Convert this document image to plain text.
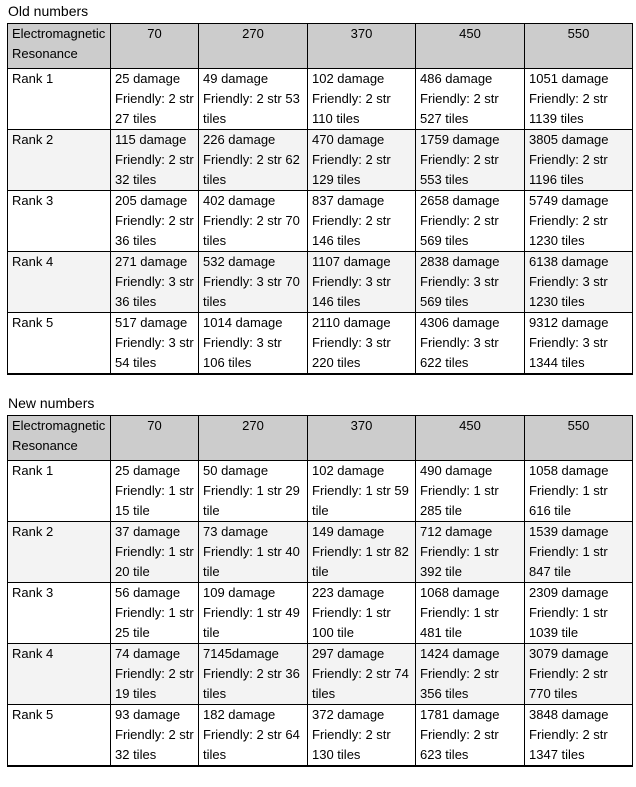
Old numbers
Electromagnetic Resonance	70	270	370	450	550
Rank 1	25 damage Friendly: 2 str 27 tiles	49 damage Friendly: 2 str 53 tiles	102 damage Friendly: 2 str 110 tiles	486 damage Friendly: 2 str 527 tiles	1051 damage Friendly: 2 str 1139 tiles
Rank 2	115 damage Friendly: 2 str 32 tiles	226 damage Friendly: 2 str 62 tiles	470 damage Friendly: 2 str 129 tiles	1759 damage Friendly: 2 str 553 tiles	3805 damage Friendly: 2 str 1196 tiles
Rank 3	205 damage Friendly: 2 str 36 tiles	402 damage Friendly: 2 str 70 tiles	837 damage Friendly: 2 str 146 tiles	2658 damage Friendly: 2 str 569 tiles	5749 damage Friendly: 2 str 1230 tiles
Rank 4	271 damage Friendly: 3 str 36 tiles	532 damage Friendly: 3 str 70 tiles	1107 damage Friendly: 3 str 146 tiles	2838 damage Friendly: 3 str 569 tiles	6138 damage Friendly: 3 str 1230 tiles
Rank 5	517 damage Friendly: 3 str 54 tiles	1014 damage Friendly: 3 str 106 tiles	2110 damage Friendly: 3 str 220 tiles	4306 damage Friendly: 3 str 622 tiles	9312 damage Friendly: 3 str 1344 tiles
New numbers
Electromagnetic Resonance	70	270	370	450	550
Rank 1	25 damage Friendly: 1 str 15 tile	50 damage Friendly: 1 str 29 tile	102 damage Friendly: 1 str 59 tile	490 damage Friendly: 1 str 285 tile	1058 damage Friendly: 1 str 616 tile
Rank 2	37 damage Friendly: 1 str 20 tile	73 damage Friendly: 1 str 40 tile	149 damage Friendly: 1 str 82 tile	712 damage Friendly: 1 str 392 tile	1539 damage Friendly: 1 str 847 tile
Rank 3	56 damage Friendly: 1 str 25 tile	109 damage Friendly: 1 str 49 tile	223 damage Friendly: 1 str 100 tile	1068 damage Friendly: 1 str 481 tile	2309 damage Friendly: 1 str 1039 tile
Rank 4	74 damage Friendly: 2 str 19 tiles	7145damage Friendly: 2 str 36 tiles	297 damage Friendly: 2 str 74 tiles	1424 damage Friendly: 2 str 356 tiles	3079 damage Friendly: 2 str 770 tiles
Rank 5	93 damage Friendly: 2 str 32 tiles	182 damage Friendly: 2 str 64 tiles	372 damage Friendly: 2 str 130 tiles	1781 damage Friendly: 2 str 623 tiles	3848 damage Friendly: 2 str 1347 tiles
